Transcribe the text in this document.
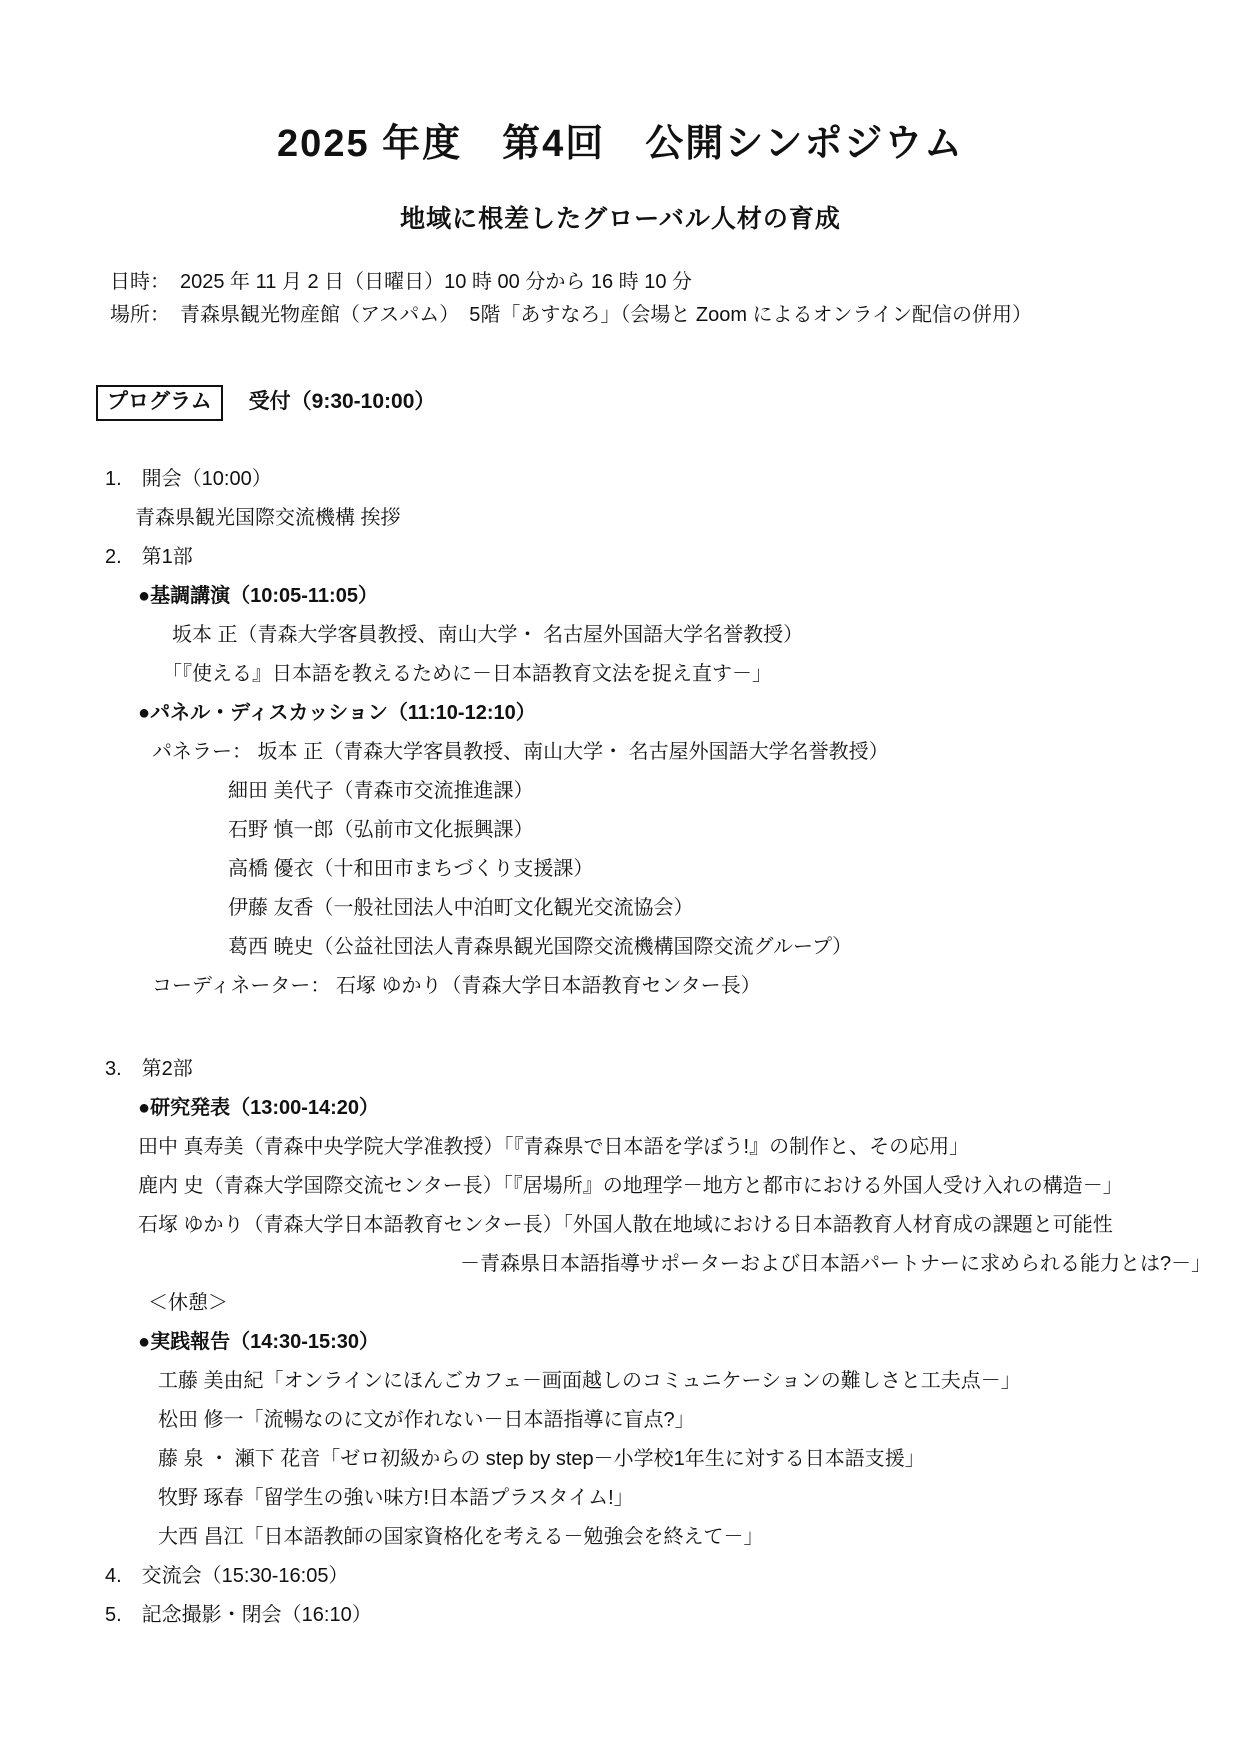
2025 年度　第4回　公開シンポジウム
地域に根差したグローバル人材の育成
日時：　2025 年 11 月 2 日（日曜日）10 時 00 分から 16 時 10 分
場所：　青森県観光物産館（アスパム）　5階「あすなろ」（会場と Zoom によるオンライン配信の併用）
プログラム 受付（9:30-10:00）
1.　開会（10:00）
青森県観光国際交流機構 挨拶
2.　第1部
●基調講演（10:05-11:05）
坂本 正（青森大学客員教授、南山大学・ 名古屋外国語大学名誉教授）
「『使える』日本語を教えるために－日本語教育文法を捉え直す－」
●パネル・ディスカッション（11:10-12:10）
パネラー： 坂本 正（青森大学客員教授、南山大学・ 名古屋外国語大学名誉教授）
細田 美代子（青森市交流推進課）
石野 慎一郎（弘前市文化振興課）
高橋 優衣（十和田市まちづくり支援課）
伊藤 友香（一般社団法人中泊町文化観光交流協会）
葛西 暁史（公益社団法人青森県観光国際交流機構国際交流グループ）
コーディネーター： 石塚 ゆかり（青森大学日本語教育センター長）
3.　第2部
●研究発表（13:00-14:20）
田中 真寿美（青森中央学院大学准教授）「『青森県で日本語を学ぼう!』の制作と、その応用」
鹿内 史（青森大学国際交流センター長）「『居場所』の地理学－地方と都市における外国人受け入れの構造－」
石塚 ゆかり（青森大学日本語教育センター長）「外国人散在地域における日本語教育人材育成の課題と可能性
－青森県日本語指導サポーターおよび日本語パートナーに求められる能力とは?－」
＜休憩＞
●実践報告（14:30-15:30）
工藤 美由紀「オンラインにほんごカフェ－画面越しのコミュニケーションの難しさと工夫点－」
松田 修一「流暢なのに文が作れない－日本語指導に盲点?」
藤 泉 ・ 瀬下 花音「ゼロ初級からの step by step－小学校1年生に対する日本語支援」
牧野 琢春「留学生の強い味方!日本語プラスタイム!」
大西 昌江「日本語教師の国家資格化を考える－勉強会を終えて－」
4.　交流会（15:30-16:05）
5.　記念撮影・閉会（16:10）
